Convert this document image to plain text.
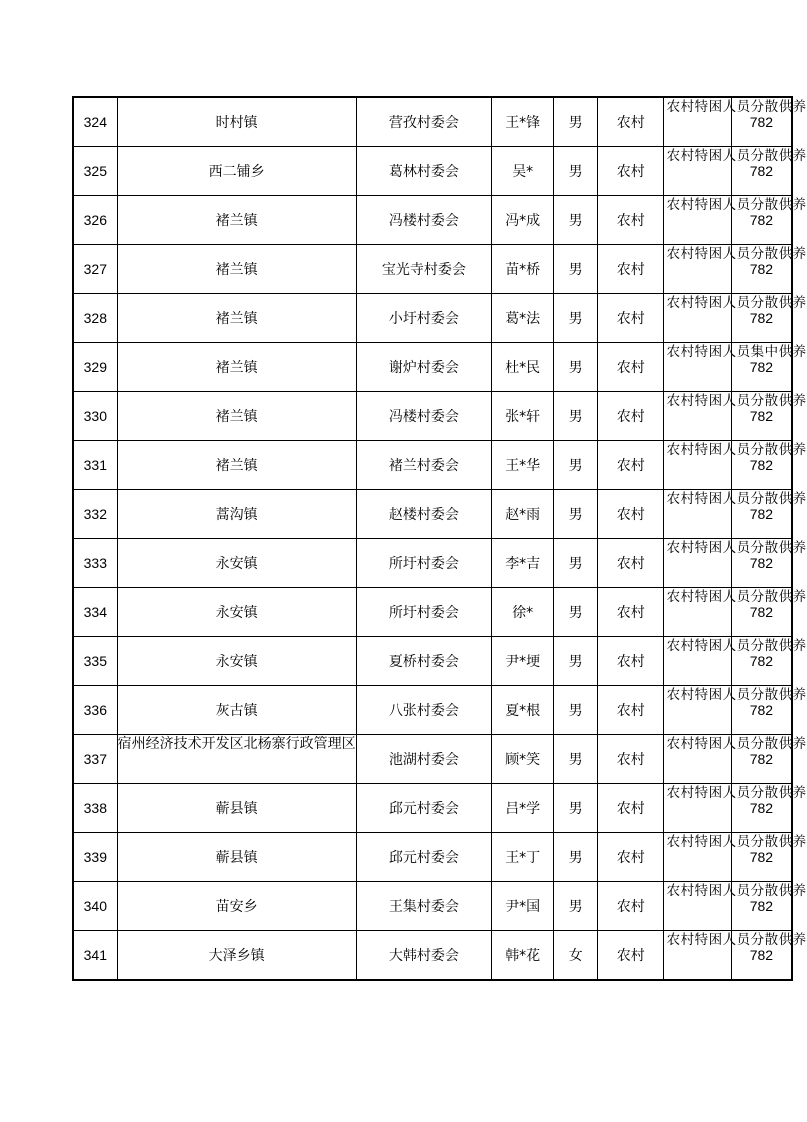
324	时村镇	营孜村委会	王*锋	男	农村	农村特困人员分散供养	782
325	西二铺乡	葛林村委会	吴*	男	农村	农村特困人员分散供养	782
326	褚兰镇	冯楼村委会	冯*成	男	农村	农村特困人员分散供养	782
327	褚兰镇	宝光寺村委会	苗*桥	男	农村	农村特困人员分散供养	782
328	褚兰镇	小圩村委会	葛*法	男	农村	农村特困人员分散供养	782
329	褚兰镇	谢炉村委会	杜*民	男	农村	农村特困人员集中供养	782
330	褚兰镇	冯楼村委会	张*轩	男	农村	农村特困人员分散供养	782
331	褚兰镇	褚兰村委会	王*华	男	农村	农村特困人员分散供养	782
332	蒿沟镇	赵楼村委会	赵*雨	男	农村	农村特困人员分散供养	782
333	永安镇	所圩村委会	李*吉	男	农村	农村特困人员分散供养	782
334	永安镇	所圩村委会	徐*	男	农村	农村特困人员分散供养	782
335	永安镇	夏桥村委会	尹*埂	男	农村	农村特困人员分散供养	782
336	灰古镇	八张村委会	夏*根	男	农村	农村特困人员分散供养	782
337	宿州经济技术开发区北杨寨行政管理区	池湖村委会	顾*笑	男	农村	农村特困人员分散供养	782
338	蕲县镇	邱元村委会	吕*学	男	农村	农村特困人员分散供养	782
339	蕲县镇	邱元村委会	王*丁	男	农村	农村特困人员分散供养	782
340	苗安乡	王集村委会	尹*国	男	农村	农村特困人员分散供养	782
341	大泽乡镇	大韩村委会	韩*花	女	农村	农村特困人员分散供养	782
